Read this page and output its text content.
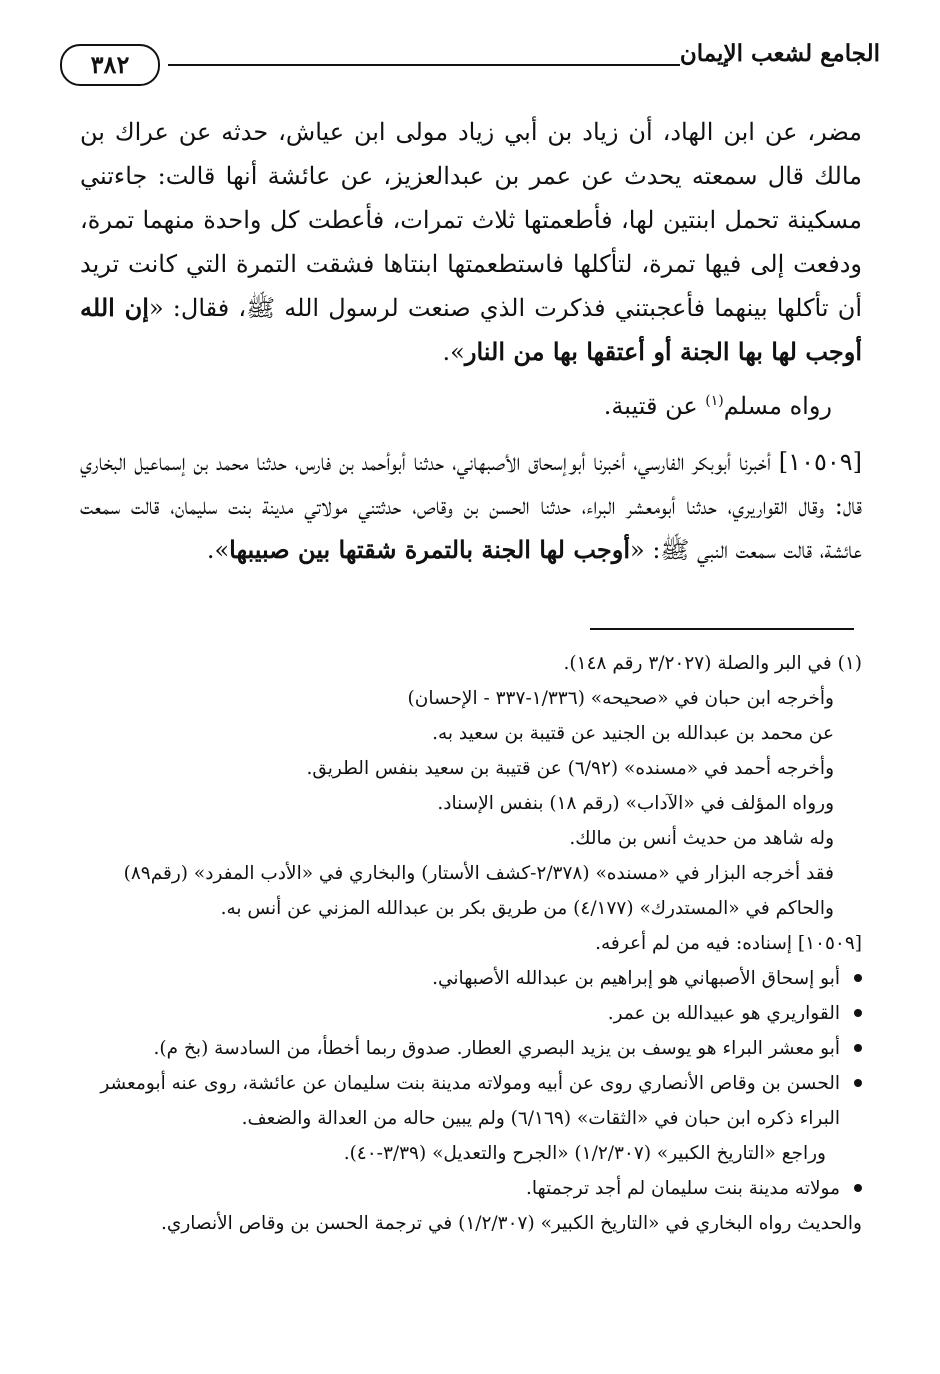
٣٨٢	الجامع لشعب الإيمان

مضر، عن ابن الهاد، أن زياد بن أبي زياد مولى ابن عياش، حدثه عن عراك بن مالك قال سمعته يحدث عن عمر بن عبدالعزيز، عن عائشة أنها قالت: جاءتني مسكينة تحمل ابنتين لها، فأطعمتها ثلاث تمرات، فأعطت كل واحدة منهما تمرة، ودفعت إلى فيها تمرة، لتأكلها فاستطعمتها ابنتاها فشقت التمرة التي كانت تريد أن تأكلها بينهما فأعجبتني فذكرت الذي صنعت لرسول الله ﷺ، فقال: «إن الله أوجب لها بها الجنة أو أعتقها بها من النار».

رواه مسلم$^{(١)}$ عن قتيبة.

[١٠٥٠٩] أخبرنا أبوبكر الفارسي، أخبرنا أبوإسحاق الأصبهاني، حدثنا أبوأحمد بن فارس، حدثنا محمد بن إسماعيل البخاري قال: وقال القواريري، حدثنا أبومعشر البراء، حدثنا الحسن بن وقاص، حدثتني مولاتي مدينة بنت سليمان، قالت سمعت عائشة، قالت سمعت النبي ﷺ: «أوجب لها الجنة بالتمرة شقتها بين صبيبها».

(١) في البر والصلة (٣/٢٠٢٧ رقم ١٤٨).

وأخرجه ابن حبان في «صحيحه» (١/٣٣٦-٣٣٧ - الإحسان)

عن محمد بن عبدالله بن الجنيد عن قتيبة بن سعيد به.

وأخرجه أحمد في «مسنده» (٦/٩٢) عن قتيبة بن سعيد بنفس الطريق.

ورواه المؤلف في «الآداب» (رقم ١٨) بنفس الإسناد.

وله شاهد من حديث أنس بن مالك.

فقد أخرجه البزار في «مسنده» (٢/٣٧٨-كشف الأستار) والبخاري في «الأدب المفرد» (رقم٨٩) والحاكم في «المستدرك» (٤/١٧٧) من طريق بكر بن عبدالله المزني عن أنس به.

[١٠٥٠٩] إسناده: فيه من لم أعرفه.

أبو إسحاق الأصبهاني هو إبراهيم بن عبدالله الأصبهاني.

القواريري هو عبيدالله بن عمر.

أبو معشر البراء هو يوسف بن يزيد البصري العطار. صدوق ربما أخطأ، من السادسة (بخ م).

الحسن بن وقاص الأنصاري روى عن أبيه ومولاته مدينة بنت سليمان عن عائشة، روى عنه أبومعشر البراء ذكره ابن حبان في «الثقات» (٦/١٦٩) ولم يبين حاله من العدالة والضعف.

وراجع «التاريخ الكبير» (١/٢/٣٠٧) «الجرح والتعديل» (٣/٣٩-٤٠).

مولاته مدينة بنت سليمان لم أجد ترجمتها.

والحديث رواه البخاري في «التاريخ الكبير» (١/٢/٣٠٧) في ترجمة الحسن بن وقاص الأنصاري.
